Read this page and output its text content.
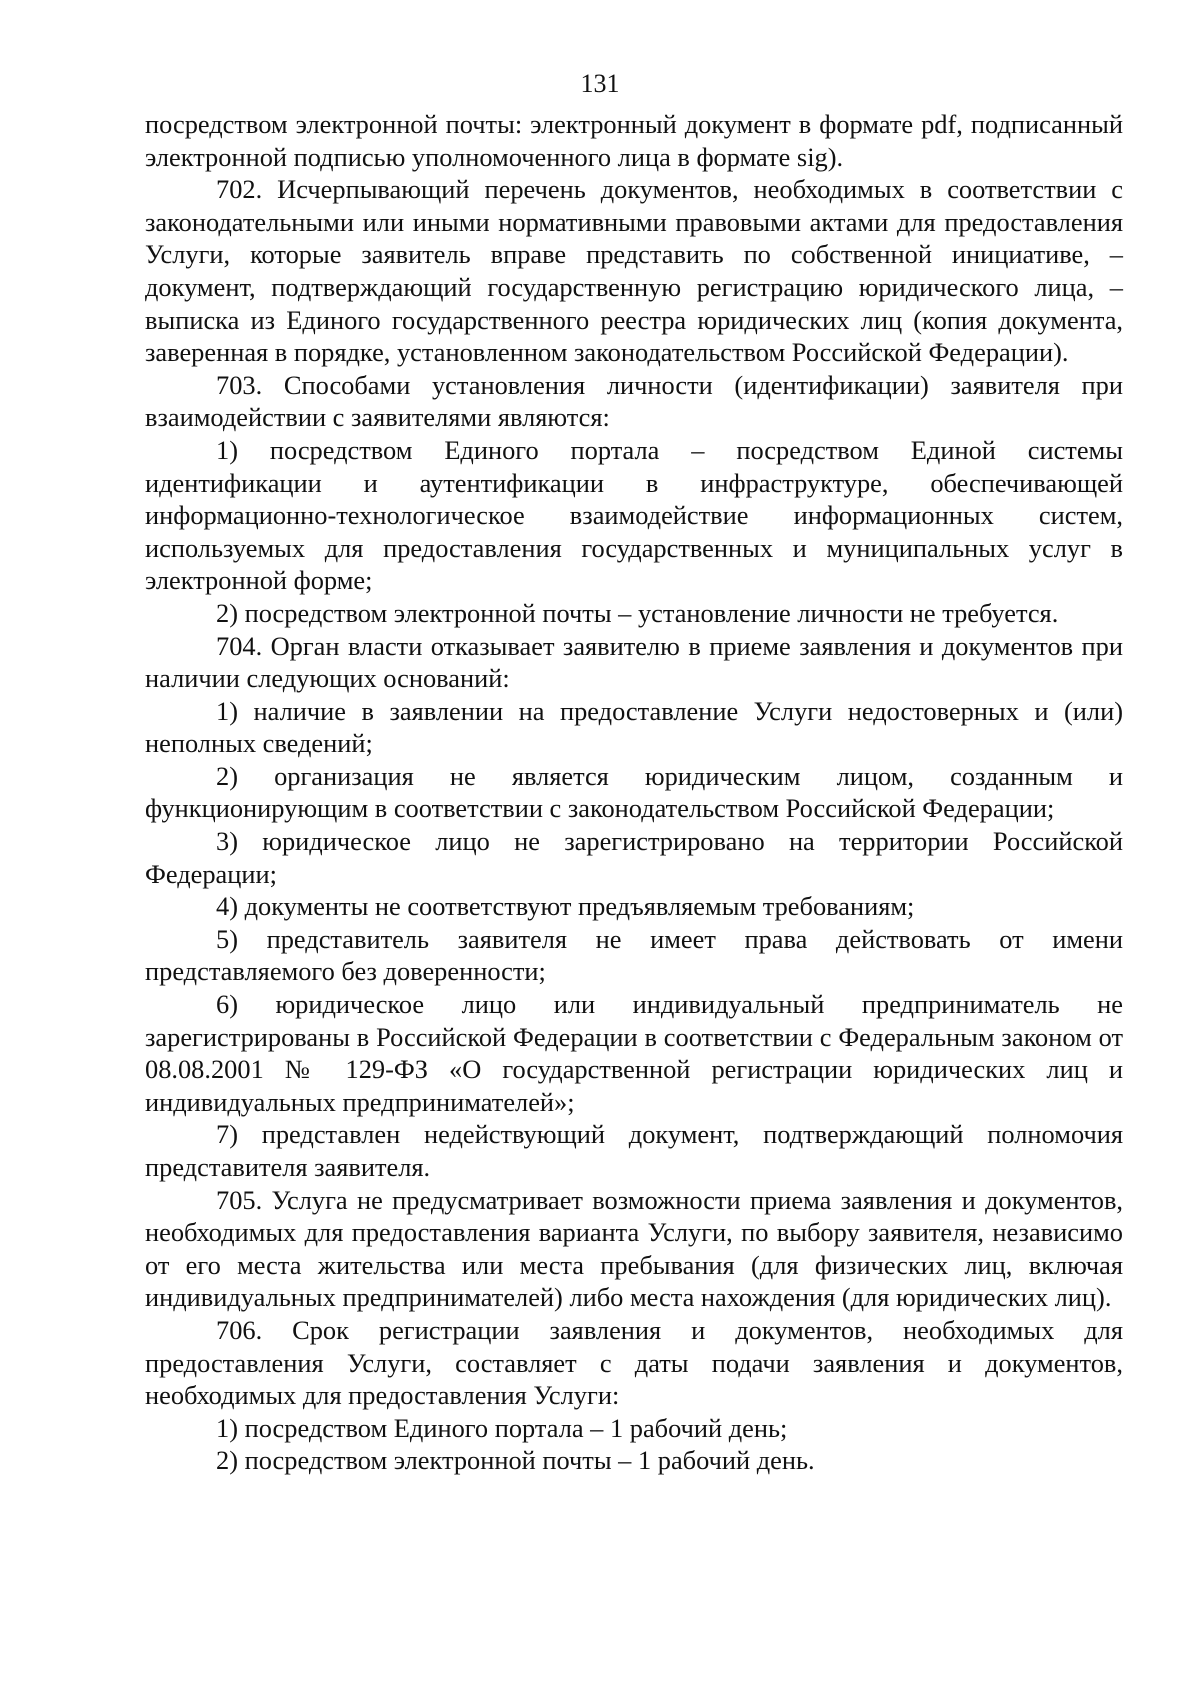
131

посредством электронной почты: электронный документ в формате pdf, подписанный электронной подписью уполномоченного лица в формате sig).

702. Исчерпывающий перечень документов, необходимых в соответствии с законодательными или иными нормативными правовыми актами для предоставления Услуги, которые заявитель вправе представить по собственной инициативе, – документ, подтверждающий государственную регистрацию юридического лица, – выписка из Единого государственного реестра юридических лиц (копия документа, заверенная в порядке, установленном законодательством Российской Федерации).

703. Способами установления личности (идентификации) заявителя при взаимодействии с заявителями являются:

1) посредством Единого портала – посредством Единой системы идентификации и аутентификации в инфраструктуре, обеспечивающей информационно-технологическое взаимодействие информационных систем, используемых для предоставления государственных и муниципальных услуг в электронной форме;

2) посредством электронной почты – установление личности не требуется.

704. Орган власти отказывает заявителю в приеме заявления и документов при наличии следующих оснований:

1) наличие в заявлении на предоставление Услуги недостоверных и (или) неполных сведений;

2) организация не является юридическим лицом, созданным и функционирующим в соответствии с законодательством Российской Федерации;

3) юридическое лицо не зарегистрировано на территории Российской Федерации;

4) документы не соответствуют предъявляемым требованиям;

5) представитель заявителя не имеет права действовать от имени представляемого без доверенности;

6) юридическое лицо или индивидуальный предприниматель не зарегистрированы в Российской Федерации в соответствии с Федеральным законом от 08.08.2001 № 129-ФЗ «О государственной регистрации юридических лиц и индивидуальных предпринимателей»;

7) представлен недействующий документ, подтверждающий полномочия представителя заявителя.

705. Услуга не предусматривает возможности приема заявления и документов, необходимых для предоставления варианта Услуги, по выбору заявителя, независимо от его места жительства или места пребывания (для физических лиц, включая индивидуальных предпринимателей) либо места нахождения (для юридических лиц).

706. Срок регистрации заявления и документов, необходимых для предоставления Услуги, составляет с даты подачи заявления и документов, необходимых для предоставления Услуги:

1) посредством Единого портала – 1 рабочий день;

2) посредством электронной почты – 1 рабочий день.
